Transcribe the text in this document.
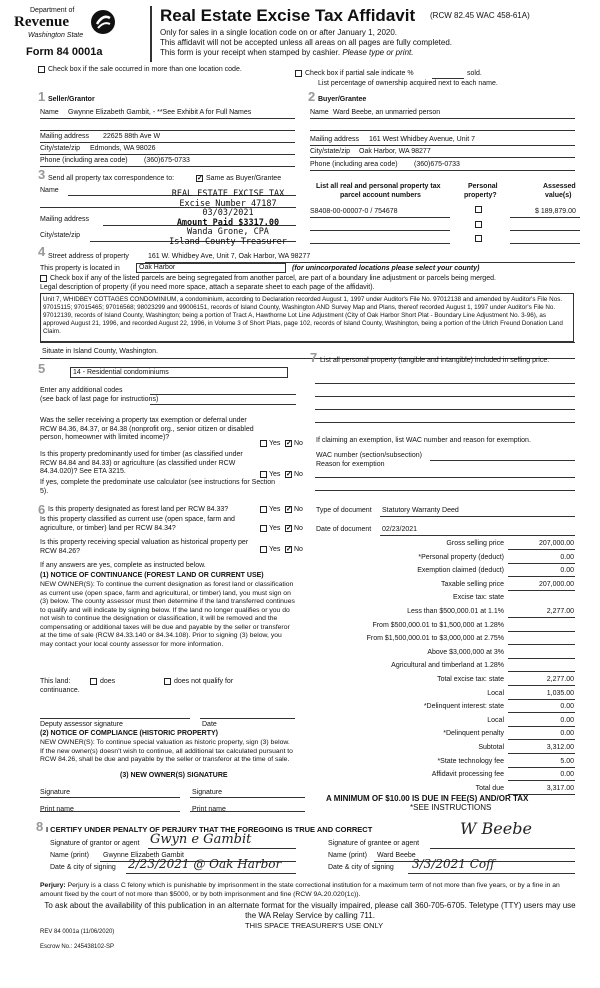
Department of
Revenue
Washington State
Form 84 0001a
Real Estate Excise Tax Affidavit (RCW 82.45 WAC 458-61A)
Only for sales in a single location code on or after January 1, 2020.
This affidavit will not be accepted unless all areas on all pages are fully completed.
This form is your receipt when stamped by cashier. Please type or print.
Check box if the sale occurred in more than one location code.
Check box if partial sale indicate %	sold.
List percentage of ownership acquired next to each name.
1 Seller/Grantor
Name Gwynne Elizabeth Gambit, - **See Exhibit A for Full Names
Mailing address 22625 88th Ave W
City/state/zip Edmonds, WA 98026
Phone (including area code) (360)675-0733
2 Buyer/Grantee
Name Ward Beebe, an unmarried person
Mailing address 161 West Whidbey Avenue, Unit 7
City/state/zip Oak Harbor, WA 98277
Phone (including area code) (360)675-0733
3 Send all property tax correspondence to:	✓ Same as Buyer/Grantee
Name
Mailing address
City/state/zip
REAL ESTATE EXCISE TAX
Excise Number 47187
03/03/2021
Amount Paid $3317.00
Wanda Grone, CPA
Island County Treasurer
List all real and personal property tax
parcel account numbers
Personal
property?
Assessed
value(s)
S8408-00-00007-0 / 754678	$ 189,879.00
4 Street address of property	161 W. Whidbey Ave, Unit 7, Oak Harbor, WA 98277
This property is located in	Oak Harbor	(for unincorporated locations please select your county)
Check box if any of the listed parcels are being segregated from another parcel, are part of a boundary line adjustment or parcels being merged.
Legal description of property (if you need more space, attach a separate sheet to each page of the affidavit).
Unit 7, WHIDBEY COTTAGES CONDOMINIUM, a condominium, according to Declaration recorded August 1, 1997 under Auditor's File No. 97012138 and amended by Auditor's File Nos. 97015115; 97015465; 97016568; 98023299 and 99006151, records of Island County, Washington AND Survey Map and Plans, thereof recorded August 1, 1997 under Auditor's File No. 97012139, records of Island County, Washington; being a portion of Tract A, Hawthorne Lot Line Adjustment (City of Oak Harbor Short Plat - Boundary Line Adjustment No. 3-96), as approved August 21, 1996, and recorded August 22, 1996, in Volume 3 of Short Plats, page 102, records of Island County, Washington, being a portion of the Ulrich Freund Donation Land Claim.
Situate in Island County, Washington.
5	14 - Residential condominiums
Enter any additional codes
(see back of last page for instructions)
Was the seller receiving a property tax exemption or deferral under RCW 84.36, 84.37, or 84.38 (nonprofit org., senior citizen or disabled person, homeowner with limited income)?
Yes ✓ No
Is this property predominantly used for timber (as classified under RCW 84.84 and 84.33) or agriculture (as classified under RCW 84.34.020)? See ETA 3215.	Yes ✓ No
If yes, complete the predominate use calculator (see instructions for Section 5).
6 Is this property designated as forest land per RCW 84.33?	Yes ✓ No
Is this property classified as current use (open space, farm and agriculture, or timber) land per RCW 84.34?	Yes ✓ No
Is this property receiving special valuation as historical property per RCW 84.26?	Yes ✓ No
If any answers are yes, complete as instructed below.
(1) NOTICE OF CONTINUANCE (FOREST LAND OR CURRENT USE)
NEW OWNER(S): To continue the current designation as forest land or classification as current use (open space, farm and agricultural, or timber) land, you must sign on (3) below. The county assessor must then determine if the land transferred continues to qualify and will indicate by signing below. If the land no longer qualifies or you do not wish to continue the designation or classification, it will be removed and the compensating or additional taxes will be due and payable by the seller or transferor at the time of sale (RCW 84.33.140 or 84.34.108). Prior to signing (3) below, you may contact your local county assessor for more information.
This land:	does	does not qualify for
continuance.
Deputy assessor signature	Date
(2) NOTICE OF COMPLIANCE (HISTORIC PROPERTY)
NEW OWNER(S): To continue special valuation as historic property, sign (3) below. If the new owner(s) doesn't wish to continue, all additional tax calculated pursuant to RCW 84.26, shall be due and payable by the seller or transferor at the time of sale.
(3) NEW OWNER(S) SIGNATURE
Signature	Signature
Print name	Print name
7 List all personal property (tangible and intangible) included in selling price.
If claiming an exemption, list WAC number and reason for exemption.
WAC number (section/subsection)
Reason for exemption
Type of document Statutory Warranty Deed
Date of document 02/23/2021
Gross selling price	207,000.00
*Personal property (deduct)	0.00
Exemption claimed (deduct)	0.00
Taxable selling price	207,000.00
Excise tax: state
Less than $500,000.01 at 1.1%	2,277.00
From $500,000.01 to $1,500,000 at 1.28%
From $1,500,000.01 to $3,000,000 at 2.75%
Above $3,000,000 at 3%
Agricultural and timberland at 1.28%
Total excise tax: state	2,277.00
Local	1,035.00
*Delinquent interest: state	0.00
Local	0.00
*Delinquent penalty	0.00
Subtotal	3,312.00
*State technology fee	5.00
Affidavit processing fee	0.00
Total due	3,317.00
A MINIMUM OF $10.00 IS DUE IN FEE(S) AND/OR TAX
*SEE INSTRUCTIONS
8 I CERTIFY UNDER PENALTY OF PERJURY THAT THE FOREGOING IS TRUE AND CORRECT
Signature of grantor or agent Gwyn e Gambit
Name (print) Gwynne Elizabeth Gambit
Date & city of signing 2/23/2021 @ Oak Harbor
Signature of grantee or agent
W Beebe
Name (print) Ward Beebe
Date & city of signing 3/3/2021 Coff
Perjury: Perjury is a class C felony which is punishable by imprisonment in the state correctional institution for a maximum term of not more than five years, or by a fine in an amount fixed by the court of not more than $5000, or by both imprisonment and fine (RCW 9A.20.020(1c)).
To ask about the availability of this publication in an alternate format for the visually impaired, please call 360-705-6705. Teletype (TTY) users may use the WA Relay Service by calling 711.
REV 84 0001a (11/06/2020)
THIS SPACE TREASURER'S USE ONLY
Escrow No.: 245438102-SP
